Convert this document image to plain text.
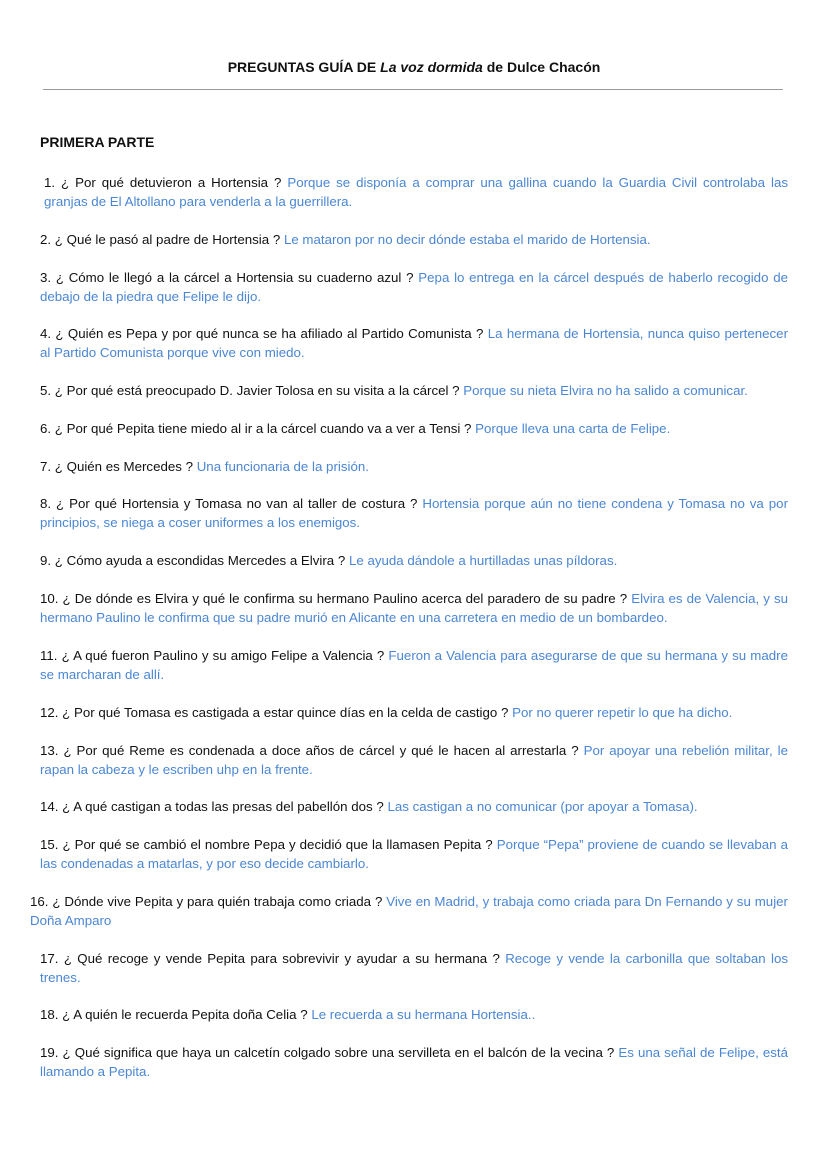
PREGUNTAS GUÍA DE La voz dormida de Dulce Chacón
PRIMERA PARTE
1. ¿ Por qué detuvieron a Hortensia ? Porque se disponía a comprar una gallina cuando la Guardia Civil controlaba las granjas de El Altollano para venderla a la guerrillera.
2. ¿ Qué le pasó al padre de Hortensia ? Le mataron por no decir dónde estaba el marido de Hortensia.
3. ¿ Cómo le llegó a la cárcel a Hortensia su cuaderno azul ? Pepa lo entrega en la cárcel después de haberlo recogido de debajo de la piedra que Felipe le dijo.
4. ¿ Quién es Pepa y por qué nunca se ha afiliado al Partido Comunista ? La hermana de Hortensia, nunca quiso pertenecer al Partido Comunista porque vive con miedo.
5. ¿ Por qué está preocupado D. Javier Tolosa en su visita a la cárcel ? Porque su nieta Elvira no ha salido a comunicar.
6. ¿ Por qué Pepita tiene miedo al ir a la cárcel cuando va a ver a Tensi ? Porque lleva una carta de Felipe.
7. ¿ Quién es Mercedes ? Una funcionaria de la prisión.
8. ¿ Por qué Hortensia y Tomasa no van al taller de costura ? Hortensia porque aún no tiene condena y Tomasa no va por principios, se niega a coser uniformes a los enemigos.
9. ¿ Cómo ayuda a escondidas Mercedes a Elvira ? Le ayuda dándole a hurtilladas unas píldoras.
10. ¿ De dónde es Elvira y qué le confirma su hermano Paulino acerca del paradero de su padre ? Elvira es de Valencia, y su hermano Paulino le confirma que su padre murió en Alicante en una carretera en medio de un bombardeo.
11. ¿ A qué fueron Paulino y su amigo Felipe a Valencia ? Fueron a Valencia para asegurarse de que su hermana y su madre se marcharan de allí.
12. ¿ Por qué Tomasa es castigada a estar quince días en la celda de castigo ? Por no querer repetir lo que ha dicho.
13. ¿ Por qué Reme es condenada a doce años de cárcel y qué le hacen al arrestarla ? Por apoyar una rebelión militar, le rapan la cabeza y le escriben uhp en la frente.
14. ¿ A qué castigan a todas las presas del pabellón dos ? Las castigan a no comunicar (por apoyar a Tomasa).
15. ¿ Por qué se cambió el nombre Pepa y decidió que la llamasen Pepita ? Porque “Pepa” proviene de cuando se llevaban a las condenadas a matarlas, y por eso decide cambiarlo.
16. ¿ Dónde vive Pepita y para quién trabaja como criada ? Vive en Madrid, y trabaja como criada para Dn Fernando y su mujer Doña Amparo
17. ¿ Qué recoge y vende Pepita para sobrevivir y ayudar a su hermana ? Recoge y vende la carbonilla que soltaban los trenes.
18. ¿ A quién le recuerda Pepita doña Celia ? Le recuerda a su hermana Hortensia..
19. ¿ Qué significa que haya un calcetín colgado sobre una servilleta en el balcón de la vecina ? Es una señal de Felipe, está llamando a Pepita.
